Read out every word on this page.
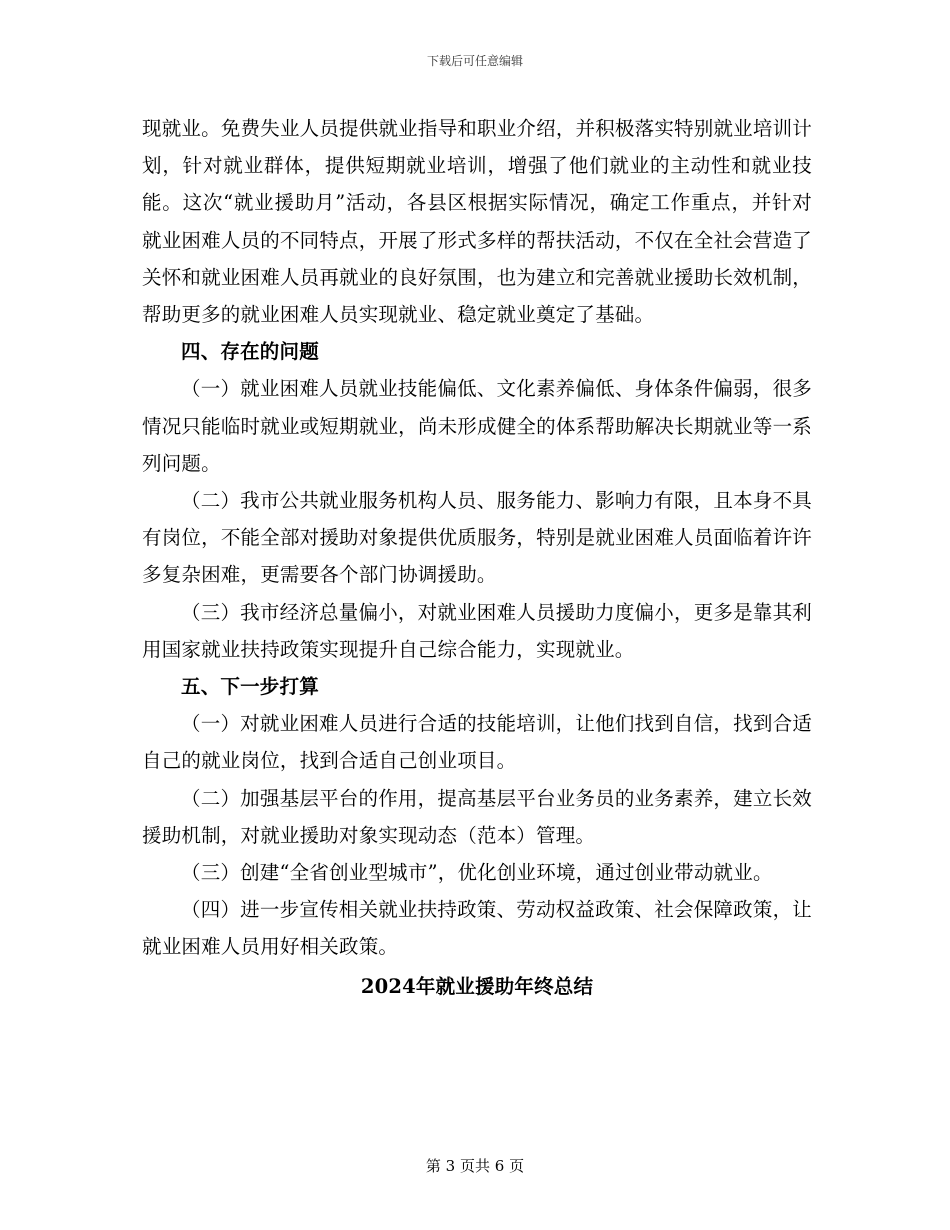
下载后可任意编辑

现就业。免费失业人员提供就业指导和职业介绍，并积极落实特别就业培训计划，针对就业群体，提供短期就业培训，增强了他们就业的主动性和就业技能。这次“就业援助月”活动，各县区根据实际情况，确定工作重点，并针对就业困难人员的不同特点，开展了形式多样的帮扶活动，不仅在全社会营造了关怀和就业困难人员再就业的良好氛围，也为建立和完善就业援助长效机制，帮助更多的就业困难人员实现就业、稳定就业奠定了基础。

四、存在的问题

（一）就业困难人员就业技能偏低、文化素养偏低、身体条件偏弱，很多情况只能临时就业或短期就业，尚未形成健全的体系帮助解决长期就业等一系列问题。

（二）我市公共就业服务机构人员、服务能力、影响力有限，且本身不具有岗位，不能全部对援助对象提供优质服务，特别是就业困难人员面临着许许多复杂困难，更需要各个部门协调援助。

（三）我市经济总量偏小，对就业困难人员援助力度偏小，更多是靠其利用国家就业扶持政策实现提升自己综合能力，实现就业。

五、下一步打算

（一）对就业困难人员进行合适的技能培训，让他们找到自信，找到合适自己的就业岗位，找到合适自己创业项目。

（二）加强基层平台的作用，提高基层平台业务员的业务素养，建立长效援助机制，对就业援助对象实现动态（范本）管理。

（三）创建“全省创业型城市”，优化创业环境，通过创业带动就业。

（四）进一步宣传相关就业扶持政策、劳动权益政策、社会保障政策，让就业困难人员用好相关政策。

2024年就业援助年终总结

第 3 页共 6 页
